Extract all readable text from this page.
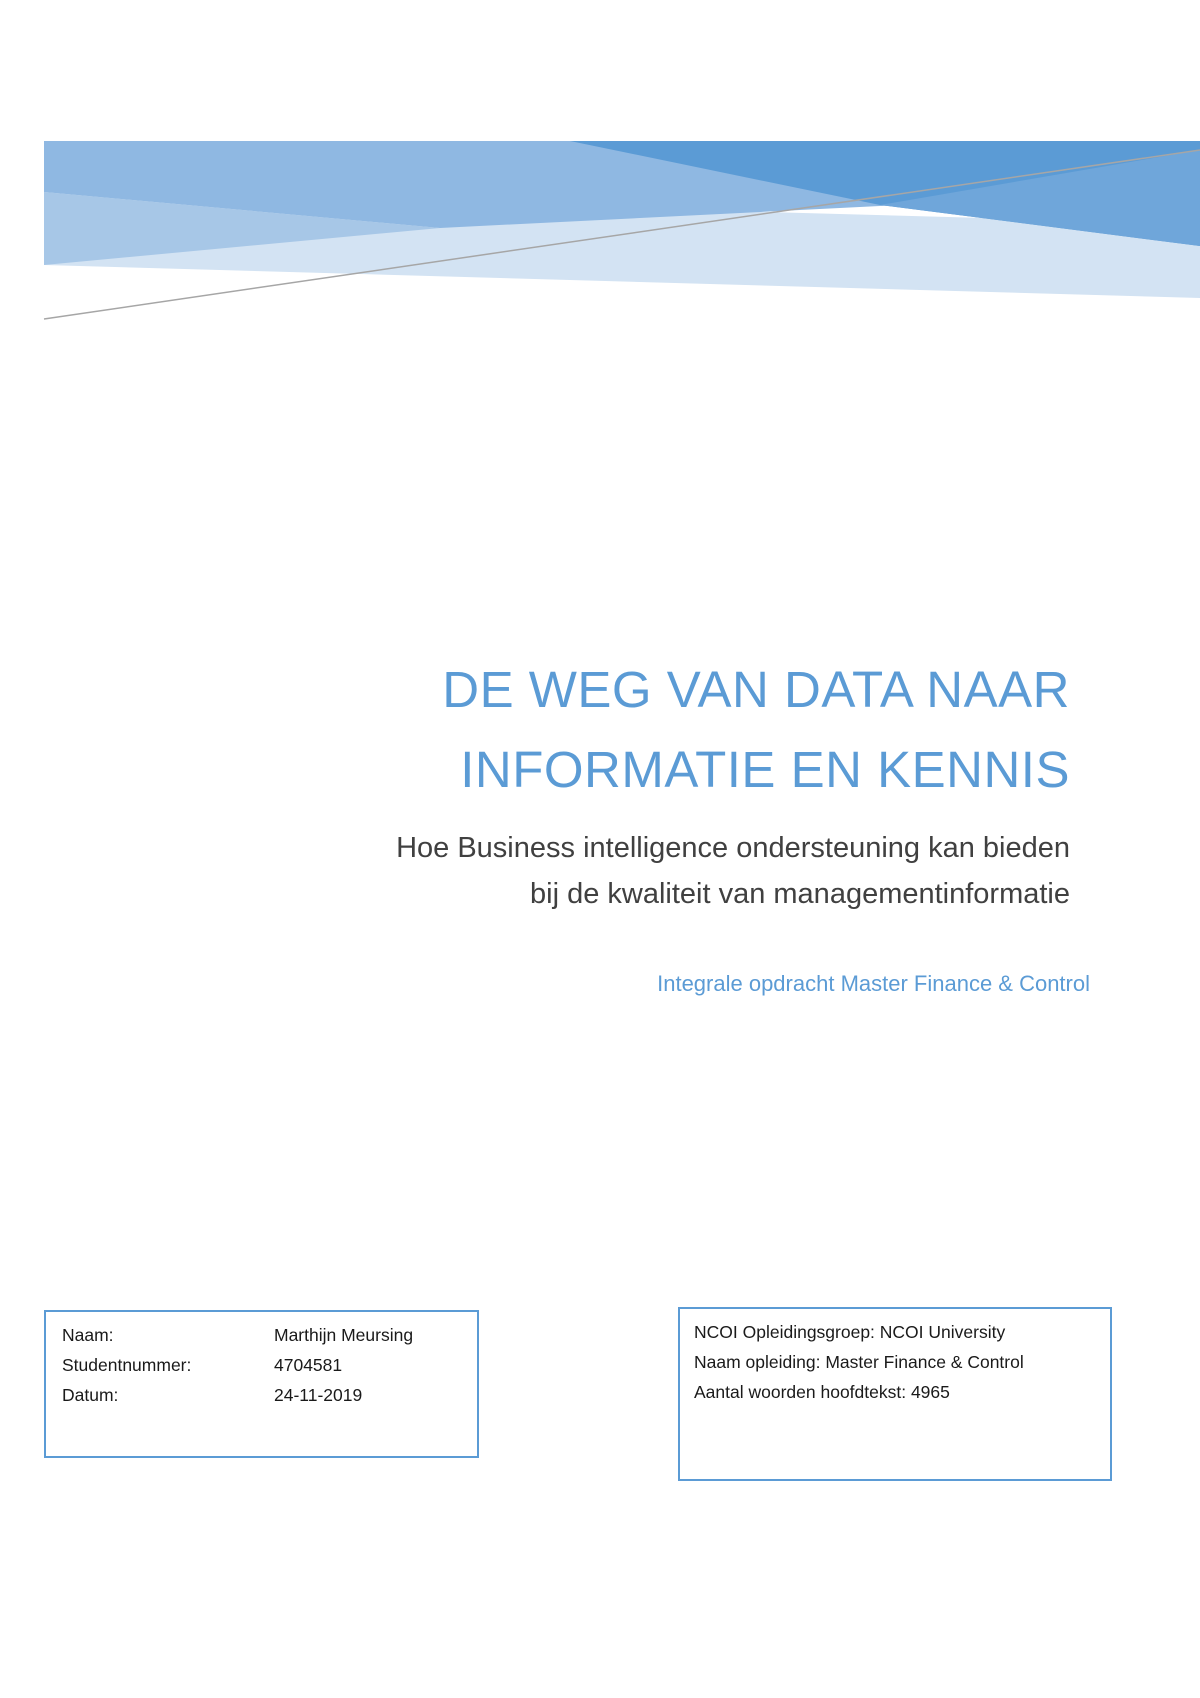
DE WEG VAN DATA NAAR
INFORMATIE EN KENNIS
Hoe Business intelligence ondersteuning kan bieden
bij de kwaliteit van managementinformatie

Integrale opdracht Master Finance & Control

Naam:	Marthijn Meursing
Studentnummer:	4704581
Datum:	24-11-2019
NCOI Opleidingsgroep: NCOI University
Naam opleiding: Master Finance & Control
Aantal woorden hoofdtekst: 4965
